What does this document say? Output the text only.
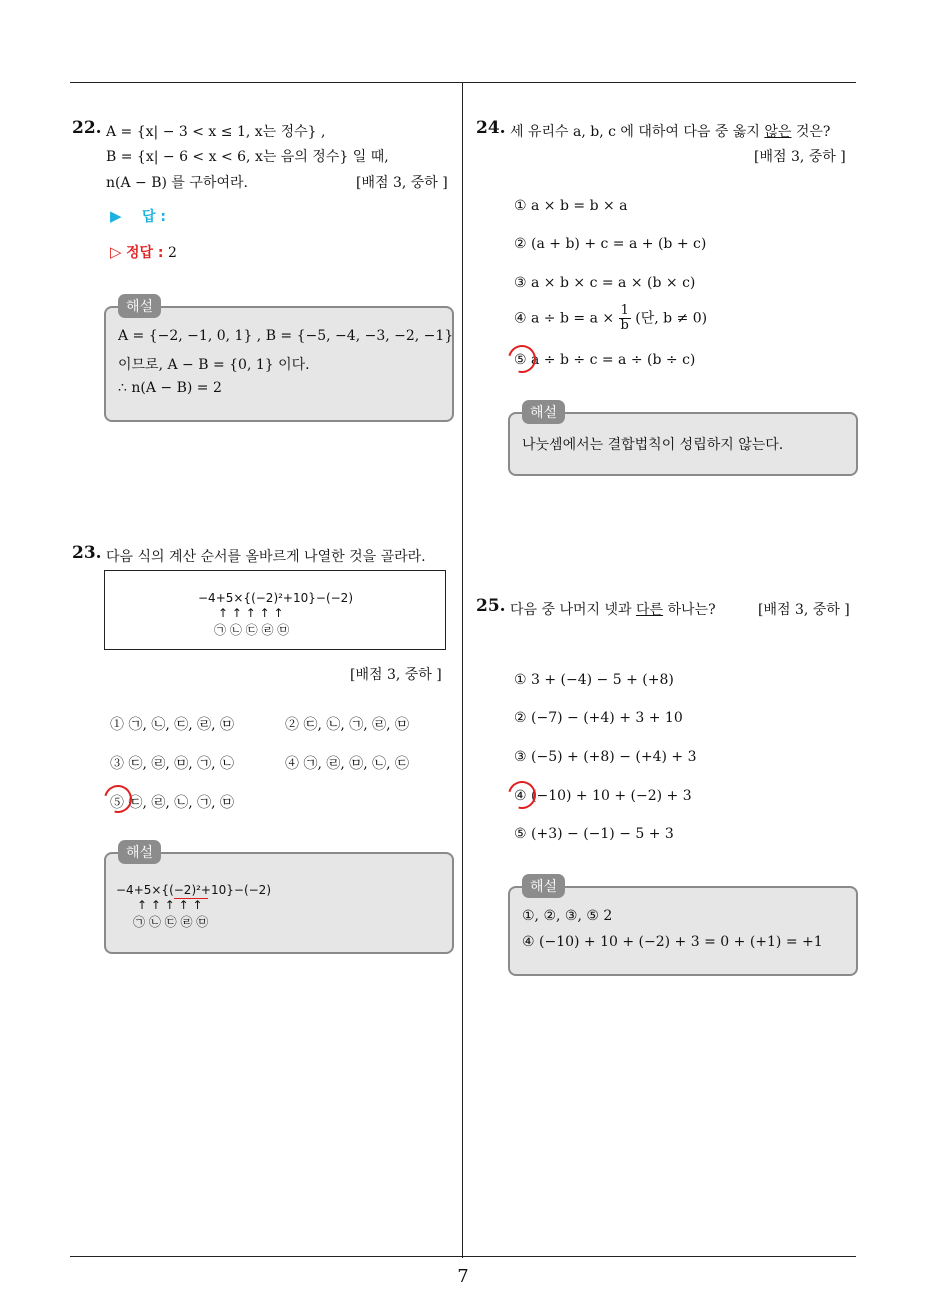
22. A = {x| − 3 < x ≤ 1, x는 정수} ,
B = {x| − 6 < x < 6, x는 음의 정수} 일 때,
n(A − B) 를 구하여라.	[배점 3, 중하 ]
▶ 답 :
▷ 정답 : 2
해설
A = {−2, −1, 0, 1} , B = {−5, −4, −3, −2, −1}
이므로, A − B = {0, 1} 이다.
∴ n(A − B) = 2
23. 다음 식의 계산 순서를 올바르게 나열한 것을 골라라.
−4+5×{(−2)²+10}−(−2)
↑ ↑ ↑ ↑ ↑
㉠ ㉡ ㉢ ㉣ ㉤
[배점 3, 중하 ]
① ㉠, ㉡, ㉢, ㉣, ㉤	② ㉢, ㉡, ㉠, ㉣, ㉤
③ ㉢, ㉣, ㉤, ㉠, ㉡	④ ㉠, ㉣, ㉤, ㉡, ㉢
⑤ ㉢, ㉣, ㉡, ㉠, ㉤
해설
−4+5×{(−2)²+10}−(−2)
↑ ↑ ↑ ↑ ↑
㉠ ㉡ ㉢ ㉣ ㉤
24. 세 유리수 a, b, c 에 대하여 다음 중 옳지 않은 것은?
[배점 3, 중하 ]
① a × b = b × a
② (a + b) + c = a + (b + c)
③ a × b × c = a × (b × c)
④ $a \div b = a \times \frac{1}{b}$ (단, b ≠ 0)
⑤ a ÷ b ÷ c = a ÷ (b ÷ c)
해설
나눗셈에서는 결합법칙이 성립하지 않는다.
25. 다음 중 나머지 넷과 다른 하나는?	[배점 3, 중하 ]
① 3 + (−4) − 5 + (+8)
② (−7) − (+4) + 3 + 10
③ (−5) + (+8) − (+4) + 3
④ (−10) + 10 + (−2) + 3
⑤ (+3) − (−1) − 5 + 3
해설
①, ②, ③, ⑤ 2
④ (−10) + 10 + (−2) + 3 = 0 + (+1) = +1
7
